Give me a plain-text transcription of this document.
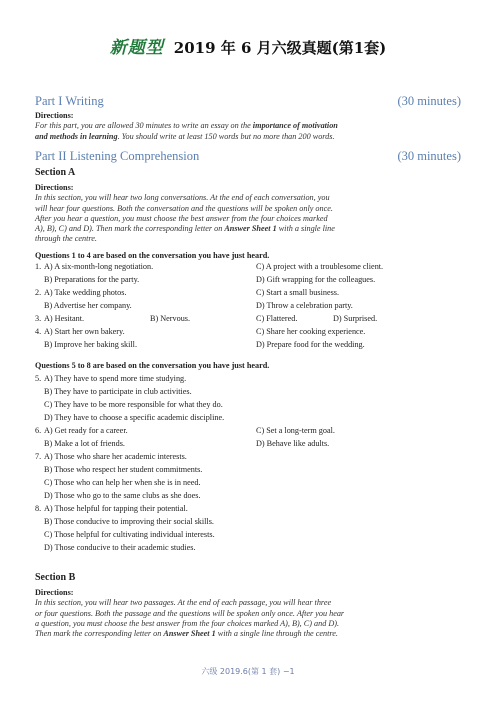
新题型 2019 年 6 月六级真题(第1套)
Part I Writing	(30 minutes)
Directions:For this part, you are allowed 30 minutes to write an essay on the importance of motivation
and methods in learning. You should write at least 150 words but no more than 200 words.
Part II Listening Comprehension	(30 minutes)
Section A
Directions:In this section, you will hear two long conversations. At the end of each conversation, you
will hear four questions. Both the conversation and the questions will be spoken only once.
After you hear a question, you must choose the best answer from the four choices marked
A), B), C) and D). Then mark the corresponding letter on Answer Sheet 1 with a single line
through the centre.
Questions 1 to 4 are based on the conversation you have just heard.
1. A) A six-month-long negotiation.	C) A project with a troublesome client.
B) Preparations for the party.	D) Gift wrapping for the colleagues.
2. A) Take wedding photos.	C) Start a small business.
B) Advertise her company.	D) Throw a celebration party.
3. A) Hesitant.	B) Nervous.	C) Flattered.	D) Surprised.
4. A) Start her own bakery.	C) Share her cooking experience.
B) Improve her baking skill.	D) Prepare food for the wedding.
Questions 5 to 8 are based on the conversation you have just heard.
5. A) They have to spend more time studying.
B) They have to participate in club activities.
C) They have to be more responsible for what they do.
D) They have to choose a specific academic discipline.
6. A) Get ready for a career.	C) Set a long-term goal.
B) Make a lot of friends.	D) Behave like adults.
7. A) Those who share her academic interests.
B) Those who respect her student commitments.
C) Those who can help her when she is in need.
D) Those who go to the same clubs as she does.
8. A) Those helpful for tapping their potential.
B) Those conducive to improving their social skills.
C) Those helpful for cultivating individual interests.
D) Those conducive to their academic studies.
Section B
Directions:In this section, you will hear two passages. At the end of each passage, you will hear three
or four questions. Both the passage and the questions will be spoken only once. After you hear
a question, you must choose the best answer from the four choices marked A), B), C) and D).
Then mark the corresponding letter on Answer Sheet 1 with a single line through the centre.
六级 2019.6(第 1 套) −1
